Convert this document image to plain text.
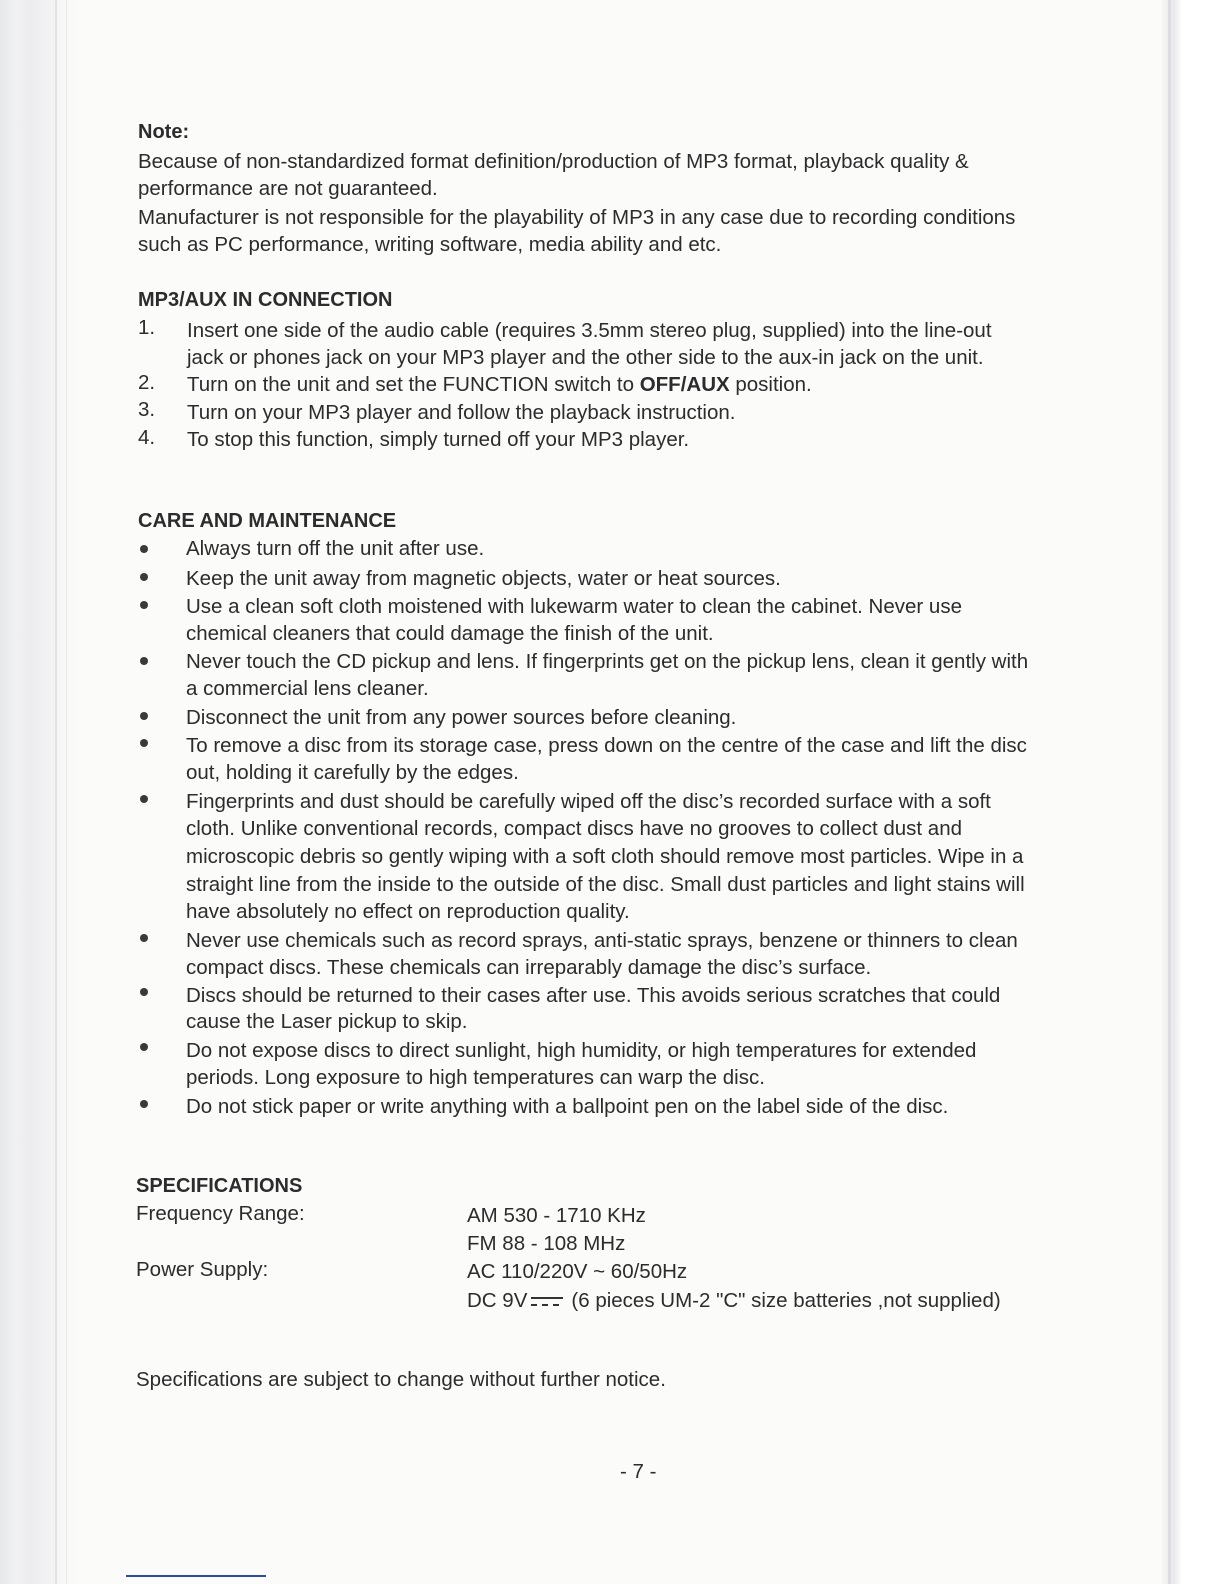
Note:
Because of non-standardized format definition/production of MP3 format, playback quality &
performance are not guaranteed.
Manufacturer is not responsible for the playability of MP3 in any case due to recording conditions
such as PC performance, writing software, media ability and etc.
MP3/AUX IN CONNECTION
1. Insert one side of the audio cable (requires 3.5mm stereo plug, supplied) into the line-out
jack or phones jack on your MP3 player and the other side to the aux-in jack on the unit.
2. Turn on the unit and set the FUNCTION switch to OFF/AUX position.
3. Turn on your MP3 player and follow the playback instruction.
4. To stop this function, simply turned off your MP3 player.
CARE AND MAINTENANCE
Always turn off the unit after use.
Keep the unit away from magnetic objects, water or heat sources.
Use a clean soft cloth moistened with lukewarm water to clean the cabinet. Never use
chemical cleaners that could damage the finish of the unit.
Never touch the CD pickup and lens. If fingerprints get on the pickup lens, clean it gently with
a commercial lens cleaner.
Disconnect the unit from any power sources before cleaning.
To remove a disc from its storage case, press down on the centre of the case and lift the disc
out, holding it carefully by the edges.
Fingerprints and dust should be carefully wiped off the disc’s recorded surface with a soft
cloth. Unlike conventional records, compact discs have no grooves to collect dust and
microscopic debris so gently wiping with a soft cloth should remove most particles. Wipe in a
straight line from the inside to the outside of the disc. Small dust particles and light stains will
have absolutely no effect on reproduction quality.
Never use chemicals such as record sprays, anti-static sprays, benzene or thinners to clean
compact discs. These chemicals can irreparably damage the disc’s surface.
Discs should be returned to their cases after use. This avoids serious scratches that could
cause the Laser pickup to skip.
Do not expose discs to direct sunlight, high humidity, or high temperatures for extended
periods. Long exposure to high temperatures can warp the disc.
Do not stick paper or write anything with a ballpoint pen on the label side of the disc.
SPECIFICATIONS
Frequency Range:	AM 530 - 1710 KHz
FM 88 - 108 MHz
Power Supply:	AC 110/220V ~ 60/50Hz
DC 9V (6 pieces UM-2 "C" size batteries ,not supplied)
Specifications are subject to change without further notice.
- 7 -
